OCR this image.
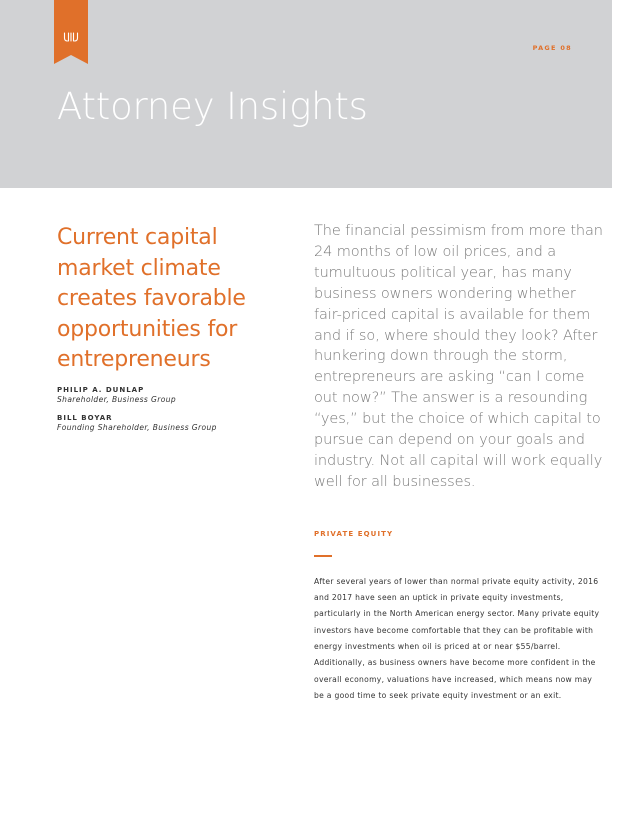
PAGE 08
Attorney Insights
Current capital market climate creates favorable opportunities for entrepreneurs
PHILIP A. DUNLAP
Shareholder, Business Group
BILL BOYAR
Founding Shareholder, Business Group

The financial pessimism from more than 24 months of low oil prices, and a tumultuous political year, has many business owners wondering whether fair-priced capital is available for them and if so, where should they look? After hunkering down through the storm, entrepreneurs are asking “can I come out now?” The answer is a resounding “yes,” but the choice of which capital to pursue can depend on your goals and industry. Not all capital will work equally well for all businesses.

PRIVATE EQUITY

After several years of lower than normal private equity activity, 2016 and 2017 have seen an uptick in private equity investments, particularly in the North American energy sector. Many private equity investors have become comfortable that they can be profitable with energy investments when oil is priced at or near $55/barrel. Additionally, as business owners have become more confident in the overall economy, valuations have increased, which means now may be a good time to seek private equity investment or an exit.
